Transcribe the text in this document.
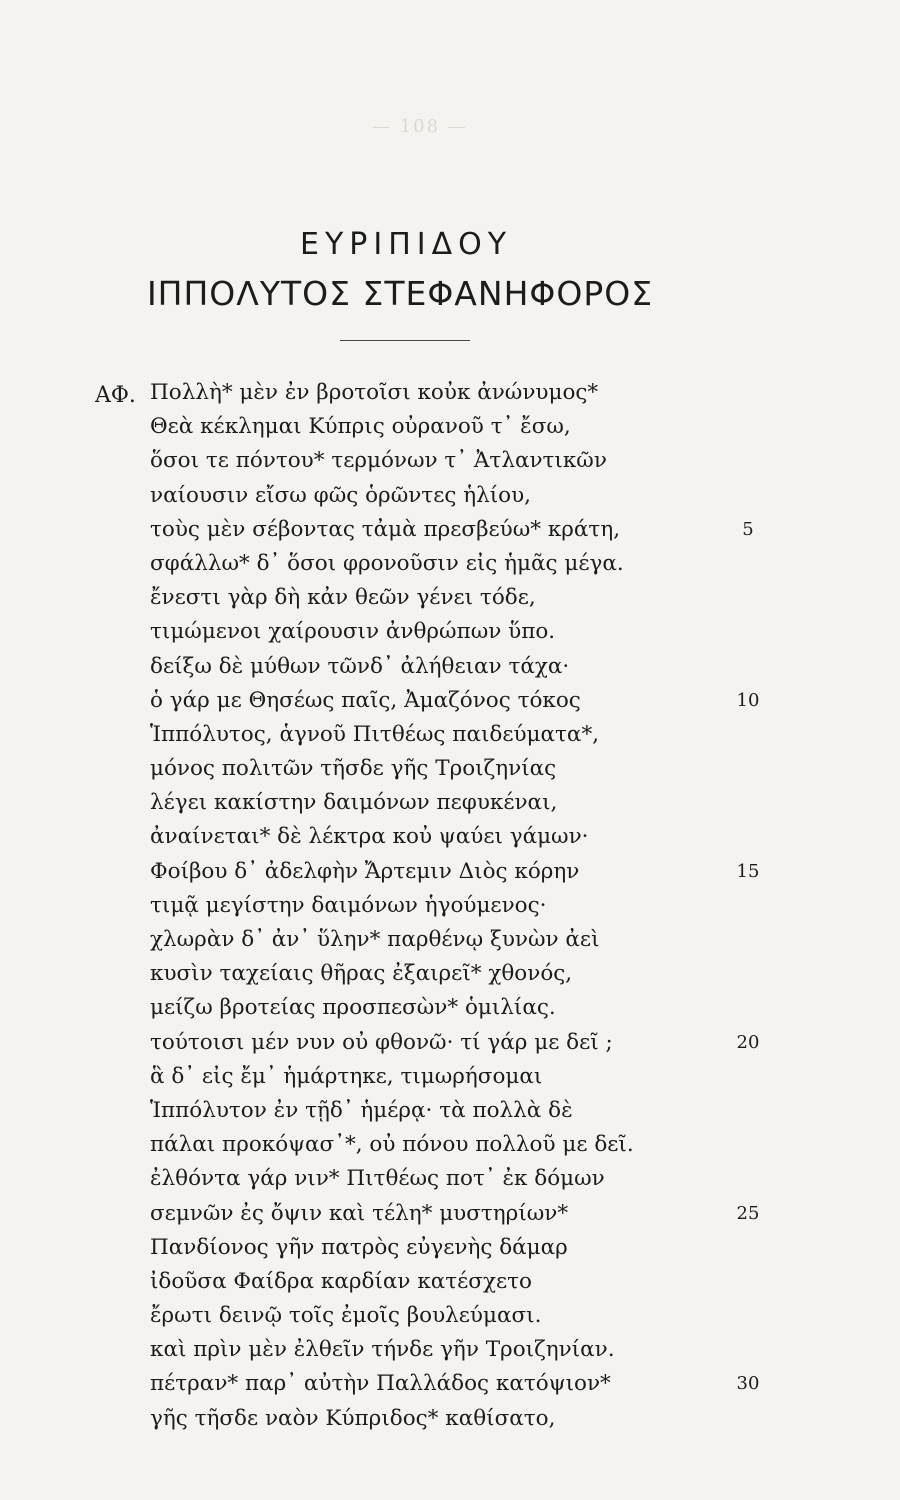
— 108 —
ΕΥΡΙΠΙΔΟΥ
ΙΠΠΟΛΥΤΟΣ ΣΤΕΦΑΝΗΦΟΡΟΣ
ΑΦ. Πολλὴ* μὲν ἐν βροτοῖσι κοὐκ ἀνώνυμος*
Θεὰ κέκλημαι Κύπρις οὐρανοῦ τ᾽ ἔσω,
ὅσοι τε πόντου* τερμόνων τ᾽ Ἀτλαντικῶν
ναίουσιν εἴσω φῶς ὁρῶντες ἡλίου,
τοὺς μὲν σέβοντας τἀμὰ πρεσβεύω* κράτη,	5
σφάλλω* δ᾽ ὅσοι φρονοῦσιν εἰς ἡμᾶς μέγα.
ἔνεστι γὰρ δὴ κἀν θεῶν γένει τόδε,
τιμώμενοι χαίρουσιν ἀνθρώπων ὕπο.
δείξω δὲ μύθων τῶνδ᾽ ἀλήθειαν τάχα·
ὁ γάρ με Θησέως παῖς, Ἀμαζόνος τόκος	10
Ἱππόλυτος, ἁγνοῦ Πιτθέως παιδεύματα*,
μόνος πολιτῶν τῆσδε γῆς Τροιζηνίας
λέγει κακίστην δαιμόνων πεφυκέναι,
ἀναίνεται* δὲ λέκτρα κοὐ ψαύει γάμων·
Φοίβου δ᾽ ἀδελφὴν Ἄρτεμιν Διὸς κόρην	15
τιμᾷ μεγίστην δαιμόνων ἡγούμενος·
χλωρὰν δ᾽ ἀν᾽ ὕλην* παρθένῳ ξυνὼν ἀεὶ
κυσὶν ταχείαις θῆρας ἐξαιρεῖ* χθονός,
μείζω βροτείας προσπεσὼν* ὁμιλίας.
τούτοισι μέν νυν οὐ φθονῶ· τί γάρ με δεῖ ;	20
ἃ δ᾽ εἰς ἔμ᾽ ἡμάρτηκε, τιμωρήσομαι
Ἱππόλυτον ἐν τῇδ᾽ ἡμέρᾳ· τὰ πολλὰ δὲ
πάλαι προκόψασ᾽*, οὐ πόνου πολλοῦ με δεῖ.
ἐλθόντα γάρ νιν* Πιτθέως ποτ᾽ ἐκ δόμων
σεμνῶν ἐς ὄψιν καὶ τέλη* μυστηρίων*	25
Πανδίονος γῆν πατρὸς εὐγενὴς δάμαρ
ἰδοῦσα Φαίδρα καρδίαν κατέσχετο
ἔρωτι δεινῷ τοῖς ἐμοῖς βουλεύμασι.
καὶ πρὶν μὲν ἐλθεῖν τήνδε γῆν Τροιζηνίαν.
πέτραν* παρ᾽ αὐτὴν Παλλάδος κατόψιον*	30
γῆς τῆσδε ναὸν Κύπριδος* καθίσατο,
